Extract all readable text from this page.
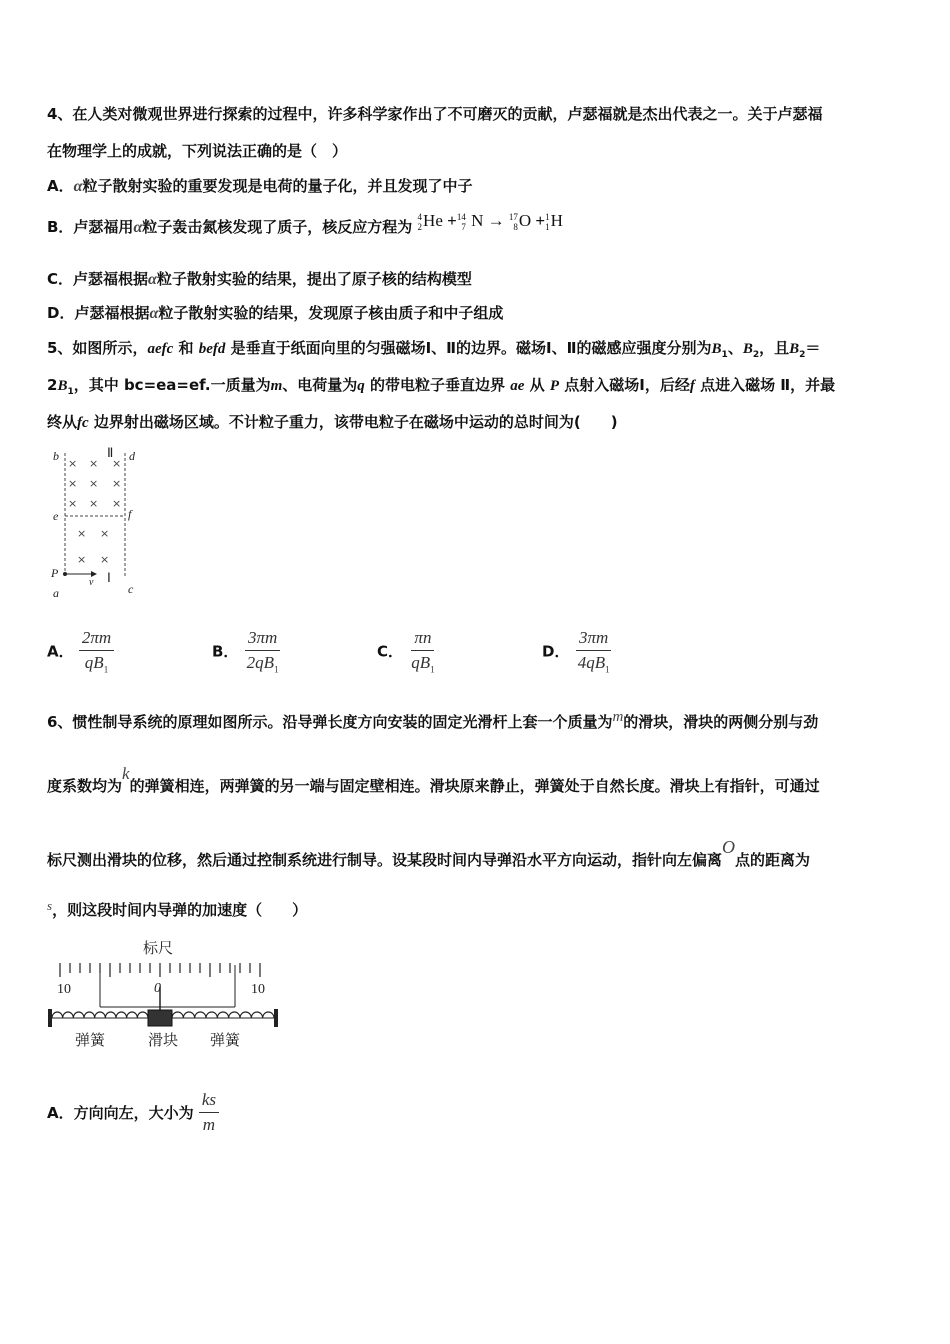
4、在人类对微观世界进行探索的过程中，许多科学家作出了不可磨灭的贡献，卢瑟福就是杰出代表之一。关于卢瑟福
在物理学上的成就，下列说法正确的是（　）
A．α粒子散射实验的重要发现是电荷的量子化，并且发现了中子
B．卢瑟福用α粒子轰击氮核发现了质子，核反应方程为
4
2 He + 14
7 N → 17
8 O + 1
1 H
C．卢瑟福根据α粒子散射实验的结果，提出了原子核的结构模型
D．卢瑟福根据α粒子散射实验的结果，发现原子核由质子和中子组成
5、如图所示，aefc 和 befd 是垂直于纸面向里的匀强磁场Ⅰ、Ⅱ的边界。磁场Ⅰ、Ⅱ的磁感应强度分别为$B_1$、$B_2$，且$B_2=$
$2B_1$，其中 bc=ea=ef.一质量为m、电荷量为q 的带电粒子垂直边界 ae 从 P 点射入磁场Ⅰ，后经f 点进入磁场 Ⅱ，并最
终从fc 边界射出磁场区域。不计粒子重力，该带电粒子在磁场中运动的总时间为(　　)
b	d
e	f
P
a	c
v
Ⅱ
Ⅰ
× × ×
× × ×
× × ×
× ×
× ×
A． $\frac{2\pi m}{qB_1}$	B． $\frac{3\pi m}{2qB_1}$	C． $\frac{\pi n}{qB_1}$	D． $\frac{3\pi m}{4qB_1}$
6、惯性制导系统的原理如图所示。沿导弹长度方向安装的固定光滑杆上套一个质量为m的滑块，滑块的两侧分别与劲
度系数均为k的弹簧相连，两弹簧的另一端与固定壁相连。滑块原来静止，弹簧处于自然长度。滑块上有指针，可通过
标尺测出滑块的位移，然后通过控制系统进行制导。设某段时间内导弹沿水平方向运动，指针向左偏离O点的距离为
s，则这段时间内导弹的加速度（　　）
标尺
10	0	10
弹簧	滑块 弹簧
A．方向向左，大小为 $\frac{ks}{m}$
